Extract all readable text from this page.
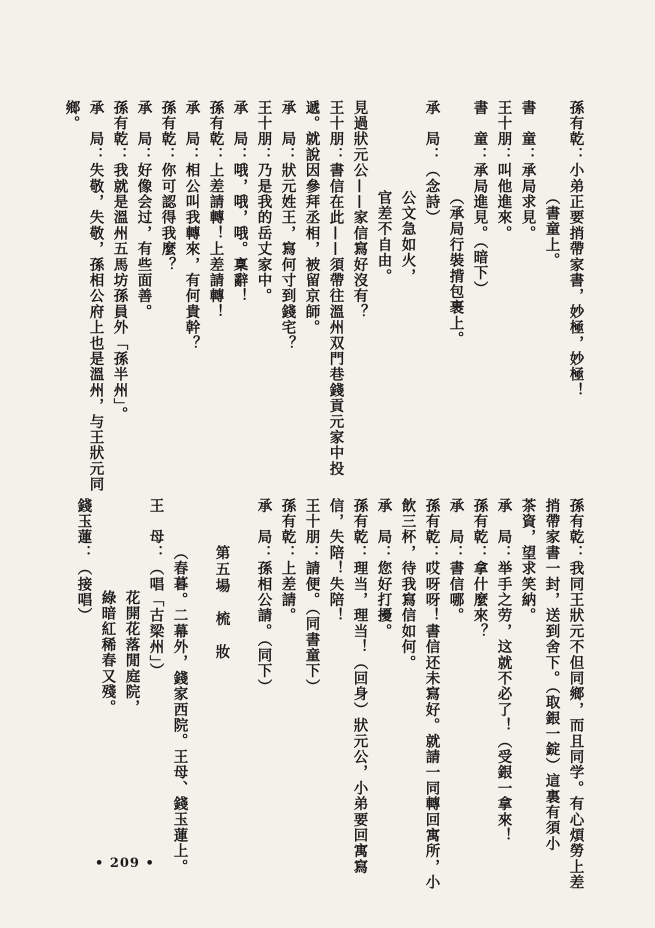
孫有乾：小弟正要捎帶家書，妙極，妙極！
（書童上。
書　童：承局求見。
王十朋：叫他進來。
書　童：承局進見。（暗下）
（承局行裝揹包裹上。
承　局：（念詩）
公文急如火，
官差不自由。
見過狀元公——家信寫好沒有？
王十朋：書信在此——須帶往溫州双門巷錢貢元家中投
遞。就說因參拜丞相，被留京師。
承　局：狀元姓王，寫何寸到錢宅？
王十朋：乃是我的岳丈家中。
承　局：哦，哦，哦。稟辭！
孫有乾：上差請轉！上差請轉！
承　局：相公叫我轉來，有何貴幹？
孫有乾：你可認得我麼？
承　局：好像会过，有些面善。
孫有乾：我就是溫州五馬坊孫員外「孫半州」。
承　局：失敬，失敬，孫相公府上也是溫州，与王狀元同
鄉。
孫有乾：我同王狀元不但同鄉，而且同学。有心煩勞上差
捎帶家書一封，送到舍下。（取銀一錠）這裏有須小
茶資，望求笑納。
承　局：举手之劳，这就不必了！（受銀一拿來！
孫有乾：拿什麼來？
承　局：書信哪。
孫有乾：哎呀呀！書信还未寫好。就請一同轉回寓所，小
飲三杯，待我寫信如何。
承　局：您好打擾。
孫有乾：理当，理当！（回身）狀元公，小弟要回寓寫
信，失陪！失陪！
王十朋：請便。（同書童下）
孫有乾：上差請。
承　局：孫相公請。（同下）
第五場　梳　妝
（春暮。二幕外，錢家西院。王母、錢玉蓮上。
王　母：（唱「古梁州」）
花開花落閒庭院，
綠暗紅稀春又殘。
錢玉蓮：（接唱）
• 209 •
